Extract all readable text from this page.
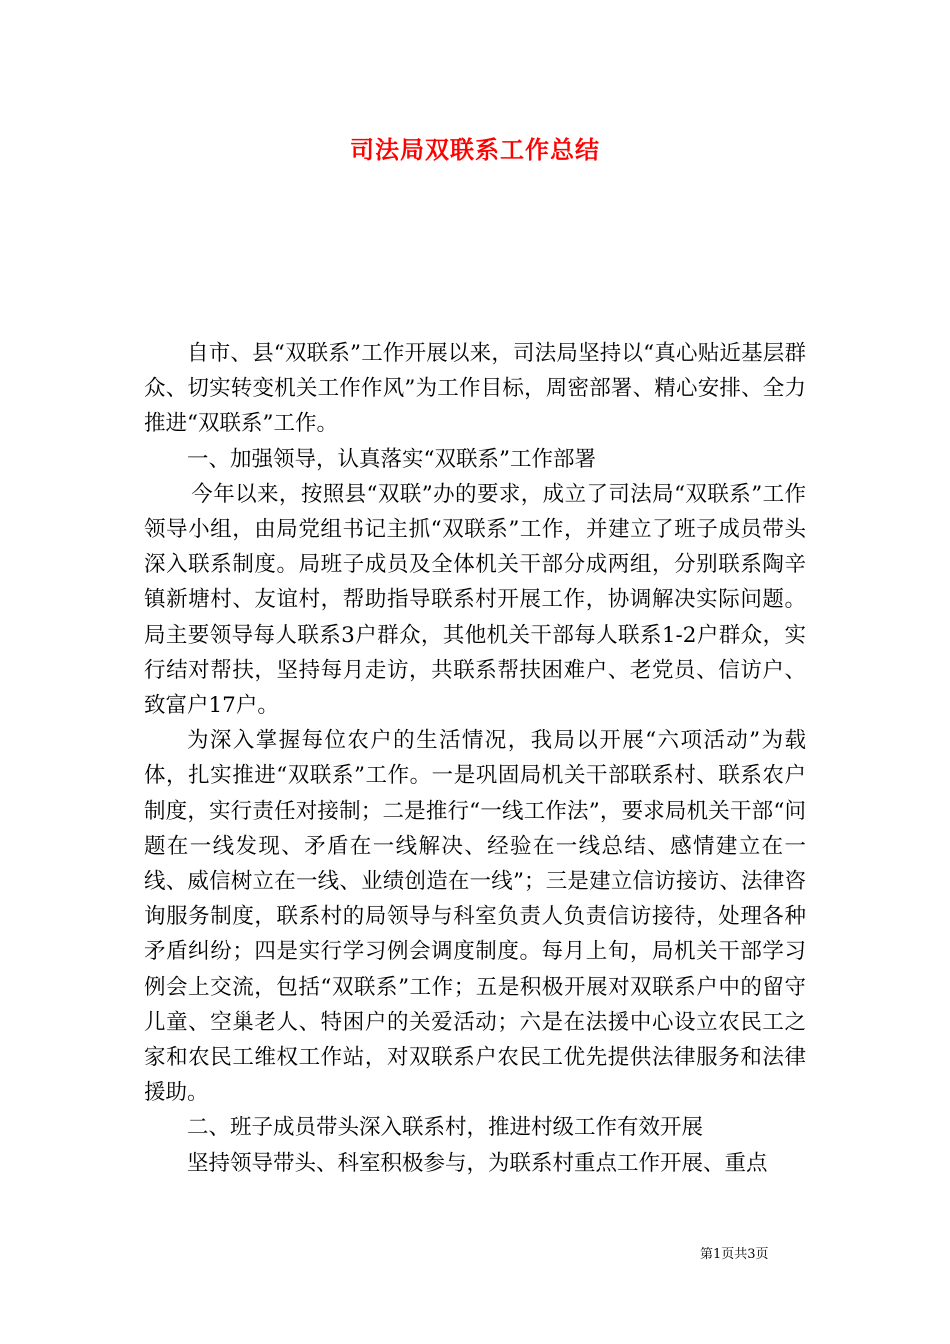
司法局双联系工作总结

自市、县“双联系”工作开展以来，司法局坚持以“真心贴近基层群众、切实转变机关工作作风”为工作目标，周密部署、精心安排、全力推进“双联系”工作。

一、加强领导，认真落实“双联系”工作部署

今年以来，按照县“双联”办的要求，成立了司法局“双联系”工作领导小组，由局党组书记主抓“双联系”工作，并建立了班子成员带头深入联系制度。局班子成员及全体机关干部分成两组，分别联系陶辛镇新塘村、友谊村，帮助指导联系村开展工作，协调解决实际问题。局主要领导每人联系3户群众，其他机关干部每人联系1-2户群众，实行结对帮扶，坚持每月走访，共联系帮扶困难户、老党员、信访户、致富户17户。

为深入掌握每位农户的生活情况，我局以开展“六项活动”为载体，扎实推进“双联系”工作。一是巩固局机关干部联系村、联系农户制度，实行责任对接制；二是推行“一线工作法”，要求局机关干部“问题在一线发现、矛盾在一线解决、经验在一线总结、感情建立在一线、威信树立在一线、业绩创造在一线”；三是建立信访接访、法律咨询服务制度，联系村的局领导与科室负责人负责信访接待，处理各种矛盾纠纷；四是实行学习例会调度制度。每月上旬，局机关干部学习例会上交流，包括“双联系”工作；五是积极开展对双联系户中的留守儿童、空巢老人、特困户的关爱活动；六是在法援中心设立农民工之家和农民工维权工作站，对双联系户农民工优先提供法律服务和法律援助。

二、班子成员带头深入联系村，推进村级工作有效开展

坚持领导带头、科室积极参与，为联系村重点工作开展、重点

第1页共3页
